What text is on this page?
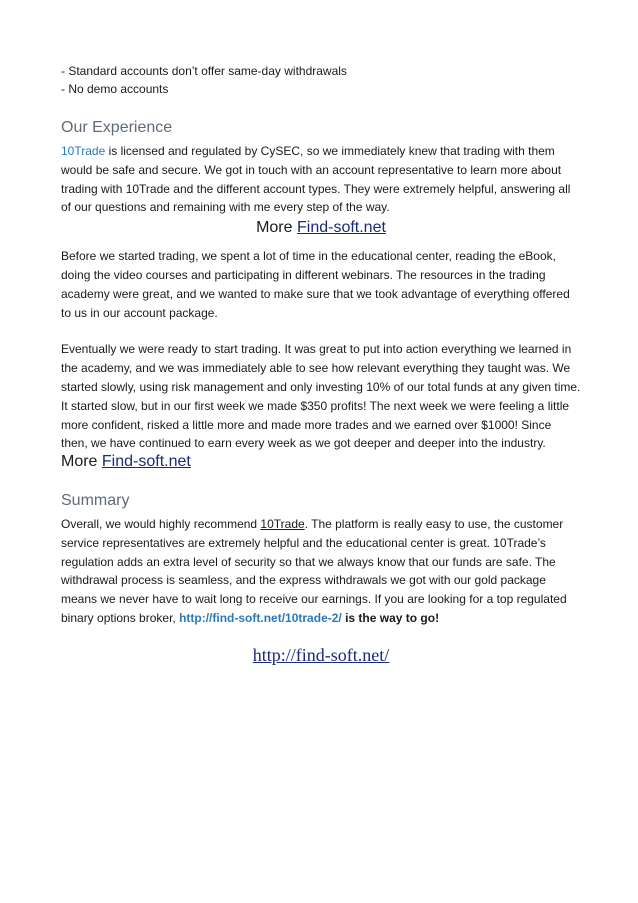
- Standard accounts don’t offer same-day withdrawals

- No demo accounts

Our Experience

10Trade is licensed and regulated by CySEC, so we immediately knew that trading with them would be safe and secure. We got in touch with an account representative to learn more about trading with 10Trade and the different account types. They were extremely helpful, answering all of our questions and remaining with me every step of the way.

More Find-soft.net

Before we started trading, we spent a lot of time in the educational center, reading the eBook, doing the video courses and participating in different webinars. The resources in the trading academy were great, and we wanted to make sure that we took advantage of everything offered to us in our account package.

Eventually we were ready to start trading. It was great to put into action everything we learned in the academy, and we was immediately able to see how relevant everything they taught was. We started slowly, using risk management and only investing 10% of our total funds at any given time. It started slow, but in our first week we made $350 profits! The next week we were feeling a little more confident, risked a little more and made more trades and we earned over $1000! Since then, we have continued to earn every week as we got deeper and deeper into the industry. More Find-soft.net

Summary

Overall, we would highly recommend 10Trade. The platform is really easy to use, the customer service representatives are extremely helpful and the educational center is great. 10Trade’s regulation adds an extra level of security so that we always know that our funds are safe. The withdrawal process is seamless, and the express withdrawals we got with our gold package means we never have to wait long to receive our earnings. If you are looking for a top regulated binary options broker, http://find-soft.net/10trade-2/ is the way to go!

http://find-soft.net/
